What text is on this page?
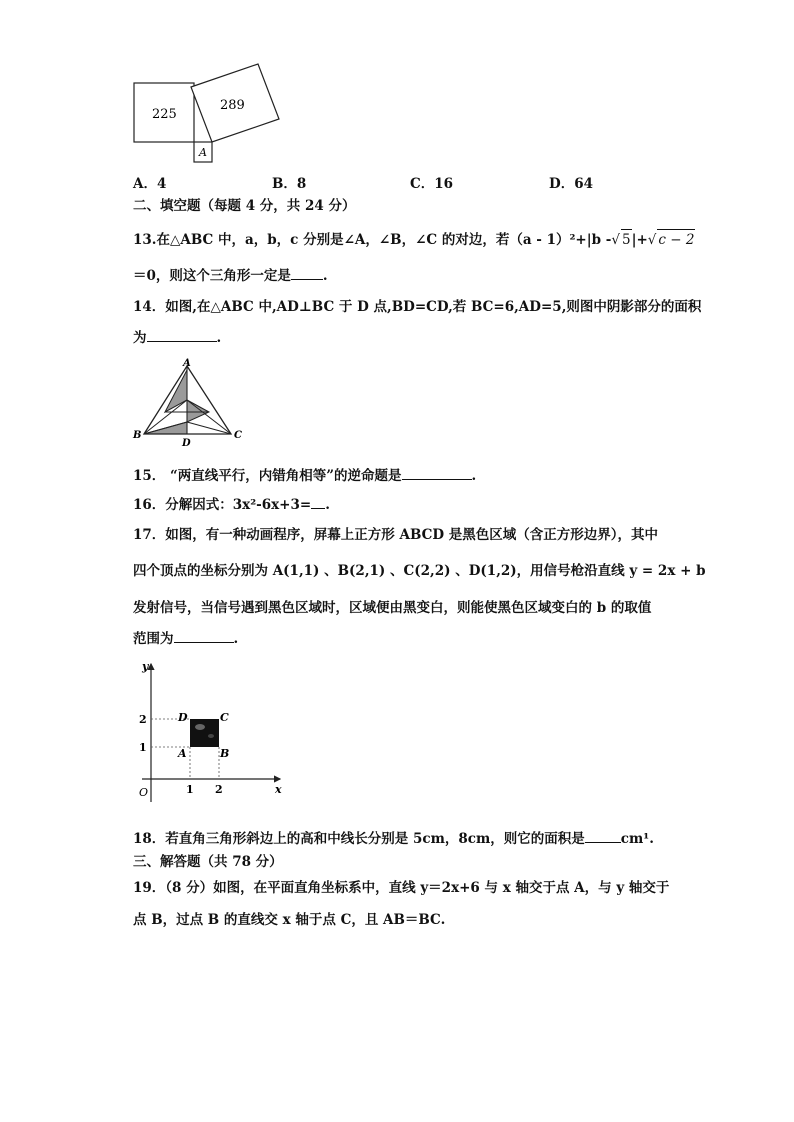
225
289
A
A．4	B．8	C．16	D．64
二、填空题（每题 4 分，共 24 分）
13.在△ABC 中，a，b，c 分别是∠A，∠B，∠C 的对边，若（a - 1）²+|b -√ 5|+√ c − 2
＝0，则这个三角形一定是 .
14．如图,在△ABC 中,AD⊥BC 于 D 点,BD=CD,若 BC=6,AD=5,则图中阴影部分的面积
为	.
A
B	C
D
15． “两直线平行，内错角相等”的逆命题是	.
16．分解因式：3x²-6x+3= .
17．如图，有一种动画程序，屏幕上正方形 ABCD 是黑色区域（含正方形边界），其中
四个顶点的坐标分别为 A(1,1) 、B(2,1) 、C(2,2) 、D(1,2)，用信号枪沿直线 y = 2x + b
发射信号，当信号遇到黑色区域时，区域便由黑变白，则能使黑色区域变白的 b 的取值
范围为	.
y
x
O	1 2
1
2
A	B
C
D
18．若直角三角形斜边上的高和中线长分别是 5cm，8cm，则它的面积是	cm¹.
三、解答题（共 78 分）
19．（8 分）如图，在平面直角坐标系中，直线 y＝2x+6 与 x 轴交于点 A，与 y 轴交于
点 B，过点 B 的直线交 x 轴于点 C，且 AB＝BC.
